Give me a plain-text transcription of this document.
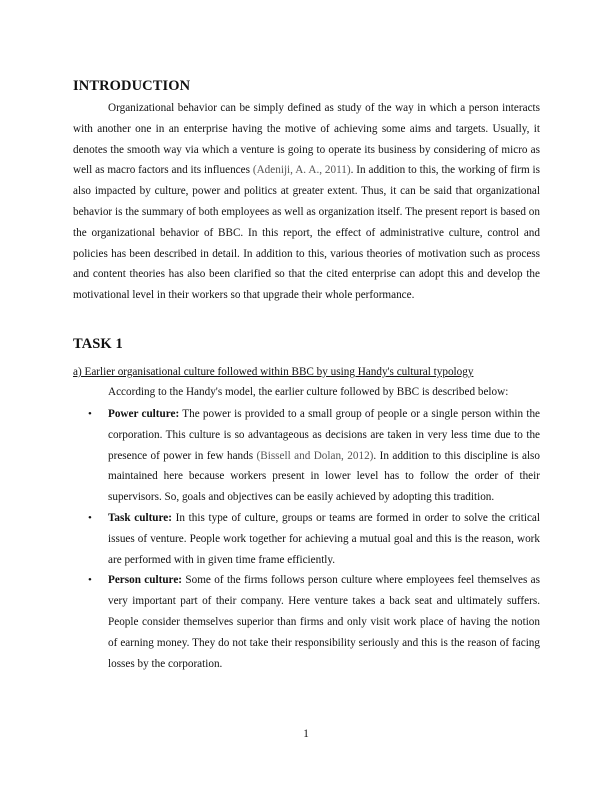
INTRODUCTION

Organizational behavior can be simply defined as study of the way in which a person interacts with another one in an enterprise having the motive of achieving some aims and targets. Usually, it denotes the smooth way via which a venture is going to operate its business by considering of micro as well as macro factors and its influences (Adeniji, A. A., 2011). In addition to this, the working of firm is also impacted by culture, power and politics at greater extent. Thus, it can be said that organizational behavior is the summary of both employees as well as organization itself. The present report is based on the organizational behavior of BBC. In this report, the effect of administrative culture, control and policies has been described in detail. In addition to this, various theories of motivation such as process and content theories has also been clarified so that the cited enterprise can adopt this and develop the motivational level in their workers so that upgrade their whole performance.

TASK 1
a) Earlier organisational culture followed within BBC by using Handy's cultural typology
According to the Handy's model, the earlier culture followed by BBC is described below:
• Power culture: The power is provided to a small group of people or a single person within the corporation. This culture is so advantageous as decisions are taken in very less time due to the presence of power in few hands (Bissell and Dolan, 2012). In addition to this discipline is also maintained here because workers present in lower level has to follow the order of their supervisors. So, goals and objectives can be easily achieved by adopting this tradition.
• Task culture: In this type of culture, groups or teams are formed in order to solve the critical issues of venture. People work together for achieving a mutual goal and this is the reason, work are performed with in given time frame efficiently.
• Person culture: Some of the firms follows person culture where employees feel themselves as very important part of their company. Here venture takes a back seat and ultimately suffers. People consider themselves superior than firms and only visit work place of having the notion of earning money. They do not take their responsibility seriously and this is the reason of facing losses by the corporation.
1
